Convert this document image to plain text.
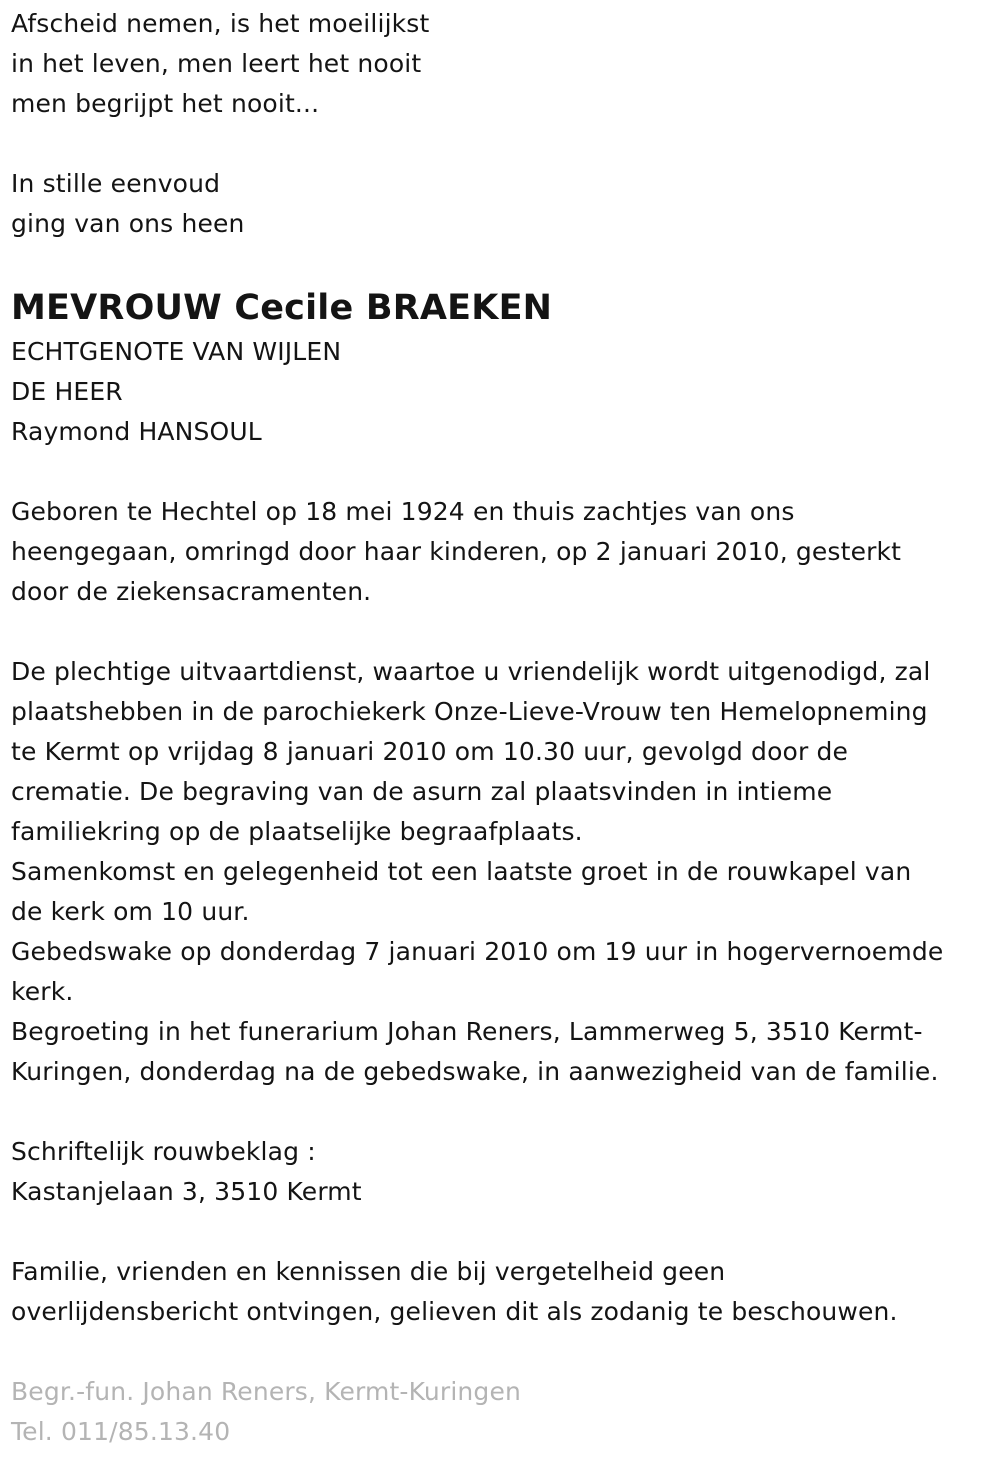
Afscheid nemen, is het moeilijkst
in het leven, men leert het nooit
men begrijpt het nooit...
In stille eenvoud
ging van ons heen
MEVROUW Cecile BRAEKEN
ECHTGENOTE VAN WIJLEN
DE HEER
Raymond HANSOUL
Geboren te Hechtel op 18 mei 1924 en thuis zachtjes van ons
heengegaan, omringd door haar kinderen, op 2 januari 2010, gesterkt
door de ziekensacramenten.
De plechtige uitvaartdienst, waartoe u vriendelijk wordt uitgenodigd, zal
plaatshebben in de parochiekerk Onze-Lieve-Vrouw ten Hemelopneming
te Kermt op vrijdag 8 januari 2010 om 10.30 uur, gevolgd door de
crematie. De begraving van de asurn zal plaatsvinden in intieme
familiekring op de plaatselijke begraafplaats.
Samenkomst en gelegenheid tot een laatste groet in de rouwkapel van
de kerk om 10 uur.
Gebedswake op donderdag 7 januari 2010 om 19 uur in hogervernoemde
kerk.
Begroeting in het funerarium Johan Reners, Lammerweg 5, 3510 Kermt-
Kuringen, donderdag na de gebedswake, in aanwezigheid van de familie.
Schriftelijk rouwbeklag :
Kastanjelaan 3, 3510 Kermt
Familie, vrienden en kennissen die bij vergetelheid geen
overlijdensbericht ontvingen, gelieven dit als zodanig te beschouwen.
Begr.-fun. Johan Reners, Kermt-Kuringen
Tel. 011/85.13.40
